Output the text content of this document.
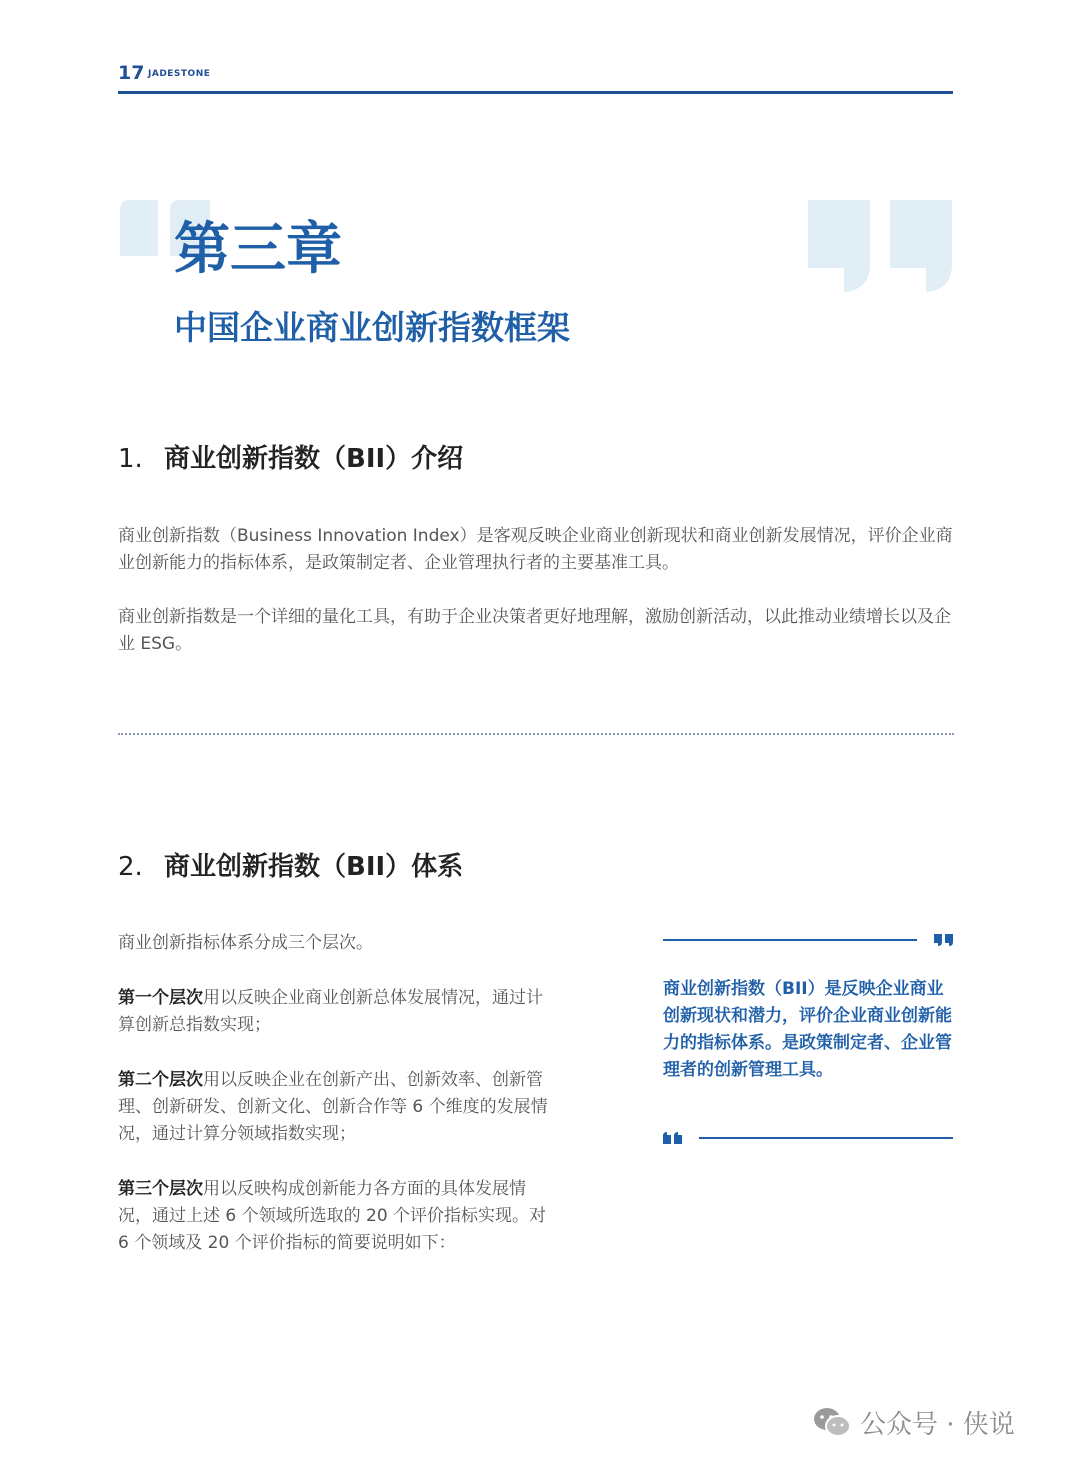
17 JADESTONE
第三章
中国企业商业创新指数框架
1. 商业创新指数（BII）介绍
商业创新指数（Business Innovation Index）是客观反映企业商业创新现状和商业创新发展情况，评价企业商业创新能力的指标体系，是政策制定者、企业管理执行者的主要基准工具。
商业创新指数是一个详细的量化工具，有助于企业决策者更好地理解，激励创新活动，以此推动业绩增长以及企业 ESG。
2. 商业创新指数（BII）体系
商业创新指标体系分成三个层次。
第一个层次用以反映企业商业创新总体发展情况，通过计算创新总指数实现；
第二个层次用以反映企业在创新产出、创新效率、创新管理、创新研发、创新文化、创新合作等 6 个维度的发展情况，通过计算分领域指数实现；
第三个层次用以反映构成创新能力各方面的具体发展情况，通过上述 6 个领域所选取的 20 个评价指标实现。对 6 个领域及 20 个评价指标的简要说明如下：
商业创新指数（BII）是反映企业商业创新现状和潜力，评价企业商业创新能力的指标体系。是政策制定者、企业管理者的创新管理工具。
公众号 · 侠说
